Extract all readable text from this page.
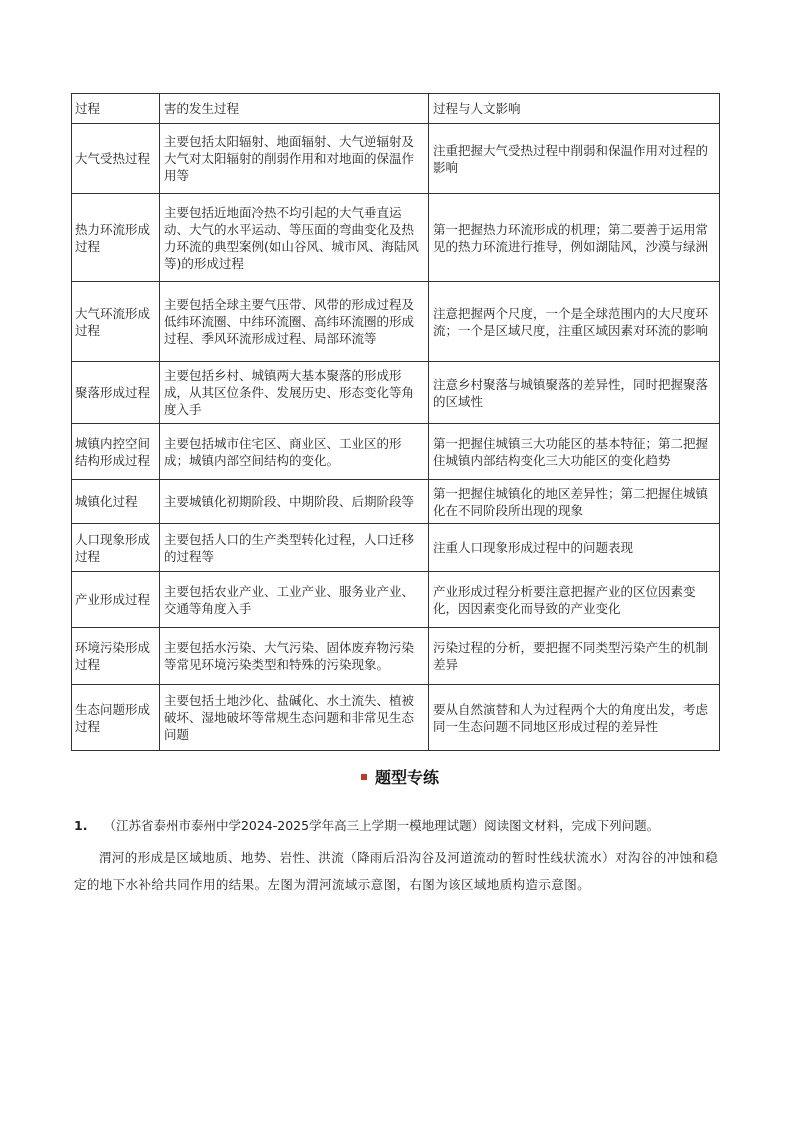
过程	害的发生过程	过程与人文影响
大气受热过程	主要包括太阳辐射、地面辐射、大气逆辐射及大气对太阳辐射的削弱作用和对地面的保温作用等	注重把握大气受热过程中削弱和保温作用对过程的影响
热力环流形成过程	主要包括近地面冷热不均引起的大气垂直运动、大气的水平运动、等压面的弯曲变化及热力环流的典型案例(如山谷风、城市风、海陆风等)的形成过程	第一把握热力环流形成的机理；第二要善于运用常见的热力环流进行推导，例如湖陆风，沙漠与绿洲
大气环流形成过程	主要包括全球主要气压带、风带的形成过程及低纬环流圈、中纬环流圈、高纬环流圈的形成过程、季风环流形成过程、局部环流等	注意把握两个尺度，一个是全球范围内的大尺度环流；一个是区域尺度，注重区域因素对环流的影响
聚落形成过程	主要包括乡村、城镇两大基本聚落的形成形成，从其区位条件、发展历史、形态变化等角度入手	注意乡村聚落与城镇聚落的差异性，同时把握聚落的区域性
城镇内控空间结构形成过程	主要包括城市住宅区、商业区、工业区的形成；城镇内部空间结构的变化。	第一把握住城镇三大功能区的基本特征；第二把握住城镇内部结构变化三大功能区的变化趋势
城镇化过程	主要城镇化初期阶段、中期阶段、后期阶段等	第一把握住城镇化的地区差异性；第二把握住城镇化在不同阶段所出现的现象
人口现象形成过程	主要包括人口的生产类型转化过程，人口迁移的过程等	注重人口现象形成过程中的问题表现
产业形成过程	主要包括农业产业、工业产业、服务业产业、交通等角度入手	产业形成过程分析要注意把握产业的区位因素变化，因因素变化而导致的产业变化
环境污染形成过程	主要包括水污染、大气污染、固体废弃物污染等常见环境污染类型和特殊的污染现象。	污染过程的分析，要把握不同类型污染产生的机制差异
生态问题形成过程	主要包括土地沙化、盐碱化、水土流失、植被破坏、湿地破坏等常规生态问题和非常见生态问题	要从自然演替和人为过程两个大的角度出发，考虑同一生态问题不同地区形成过程的差异性
题型专练
1. （江苏省泰州市泰州中学2024-2025学年高三上学期一模地理试题）阅读图文材料，完成下列问题。
渭河的形成是区域地质、地势、岩性、洪流（降雨后沿沟谷及河道流动的暂时性线状流水）对沟谷的冲蚀和稳定的地下水补给共同作用的结果。左图为渭河流域示意图，右图为该区域地质构造示意图。
